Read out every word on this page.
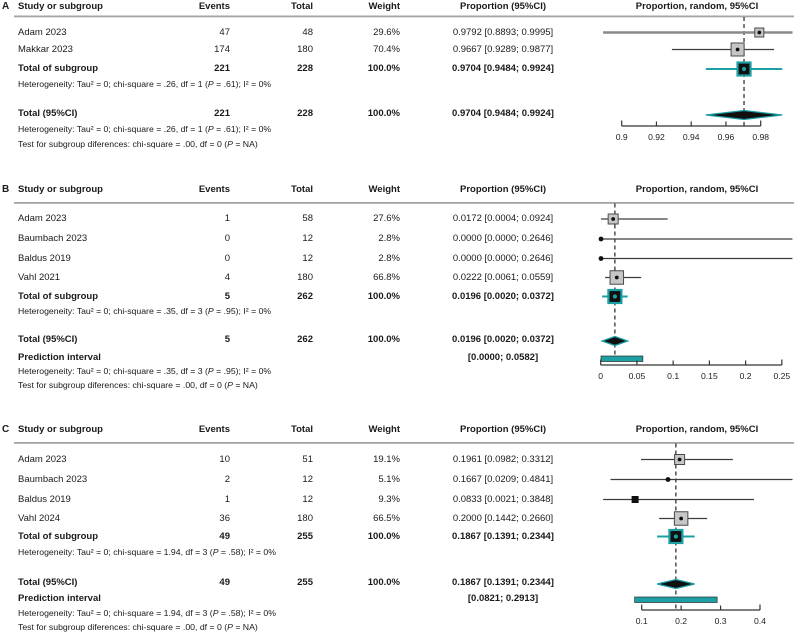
0.9 0.92 0.94 0.96 0.98
0	0.05	0.1	0.15	0.2	0.25
0.1	0.2	0.3	0.4
A Study or subgroup	Events	Total	Weight	Proportion (95%CI)	Proportion, random, 95%CI
Adam 2023	47	48	29.6%	0.9792 [0.8893; 0.9995]
Makkar 2023	174	180	70.4%	0.9667 [0.9289; 0.9877]
Total of subgroup	221	228	100.0%	0.9704 [0.9484; 0.9924]
Heterogeneity: Tau² = 0; chi-square = .26, df = 1 (P = .61); I² = 0%
Total (95%CI)	221	228	100.0%	0.9704 [0.9484; 0.9924]
Heterogeneity: Tau² = 0; chi-square = .26, df = 1 (P = .61); I² = 0%
Test for subgroup diferences: chi-square = .00, df = 0 (P = NA)
B Study or subgroup	Events	Total	Weight	Proportion (95%CI)	Proportion, random, 95%CI
Adam 2023	1	58	27.6%	0.0172 [0.0004; 0.0924]
Baumbach 2023	0	12	2.8%	0.0000 [0.0000; 0.2646]
Baldus 2019	0	12	2.8%	0.0000 [0.0000; 0.2646]
Vahl 2021	4	180	66.8%	0.0222 [0.0061; 0.0559]
Total of subgroup	5	262	100.0%	0.0196 [0.0020; 0.0372]
Heterogeneity: Tau² = 0; chi-square = .35, df = 3 (P = .95); I² = 0%
Total (95%CI)	5	262	100.0%	0.0196 [0.0020; 0.0372]
Prediction interval	[0.0000; 0.0582]
Heterogeneity: Tau² = 0; chi-square = .35, df = 3 (P = .95); I² = 0%
Test for subgroup diferences: chi-square = .00, df = 0 (P = NA)
C Study or subgroup	Events	Total	Weight	Proportion (95%CI)	Proportion, random, 95%CI
Adam 2023	10	51	19.1%	0.1961 [0.0982; 0.3312]
Baumbach 2023	2	12	5.1%	0.1667 [0.0209; 0.4841]
Baldus 2019	1	12	9.3%	0.0833 [0.0021; 0.3848]
Vahl 2024	36	180	66.5%	0.2000 [0.1442; 0.2660]
Total of subgroup	49	255	100.0%	0.1867 [0.1391; 0.2344]
Heterogeneity: Tau² = 0; chi-square = 1.94, df = 3 (P = .58); I² = 0%
Total (95%CI)	49	255	100.0%	0.1867 [0.1391; 0.2344]
Prediction interval	[0.0821; 0.2913]
Heterogeneity: Tau² = 0; chi-square = 1.94, df = 3 (P = .58); I² = 0%
Test for subgroup diferences: chi-square = .00, df = 0 (P = NA)
